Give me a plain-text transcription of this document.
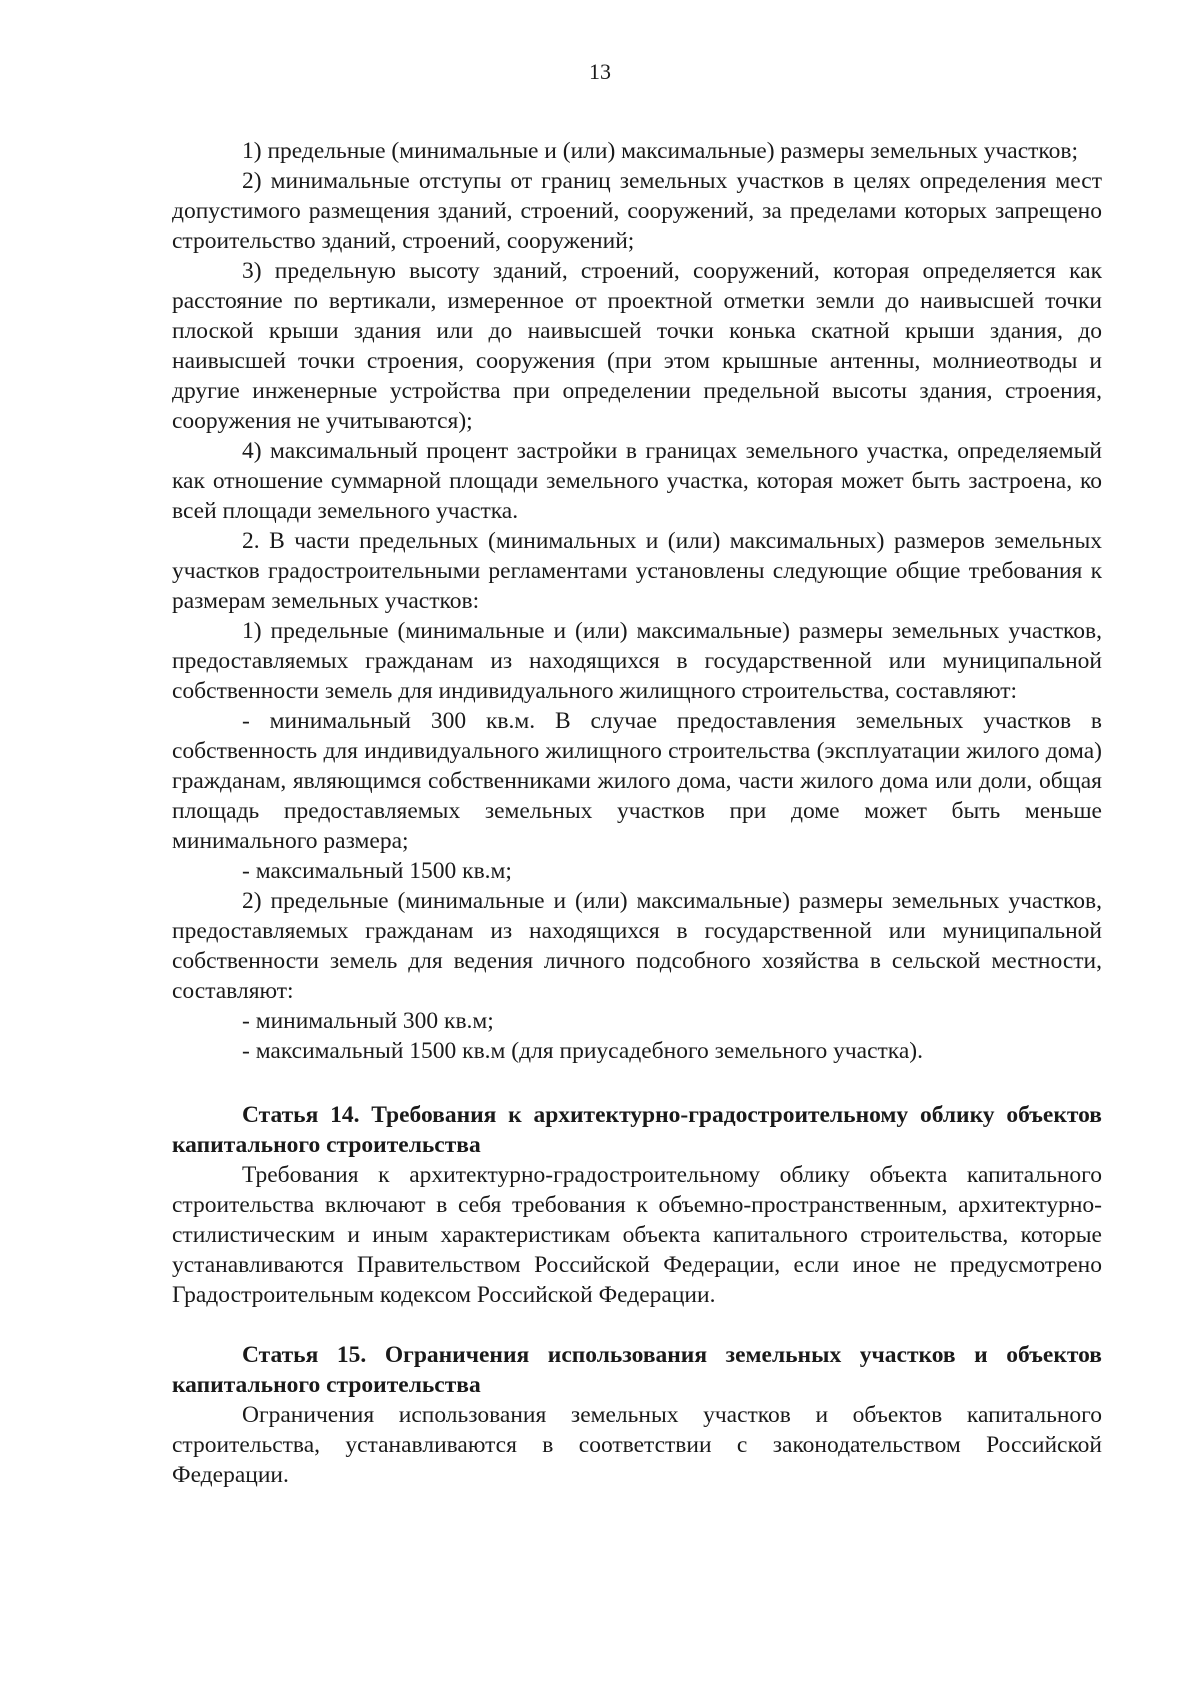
13

1) предельные (минимальные и (или) максимальные) размеры земельных участков;

2) минимальные отступы от границ земельных участков в целях определения мест допустимого размещения зданий, строений, сооружений, за пределами которых запрещено строительство зданий, строений, сооружений;

3) предельную высоту зданий, строений, сооружений, которая определяется как расстояние по вертикали, измеренное от проектной отметки земли до наивысшей точки плоской крыши здания или до наивысшей точки конька скатной крыши здания, до наивысшей точки строения, сооружения (при этом крышные антенны, молниеотводы и другие инженерные устройства при определении предельной высоты здания, строения, сооружения не учитываются);

4) максимальный процент застройки в границах земельного участка, определяемый как отношение суммарной площади земельного участка, которая может быть застроена, ко всей площади земельного участка.

2. В части предельных (минимальных и (или) максимальных) размеров земельных участков градостроительными регламентами установлены следующие общие требования к размерам земельных участков:

1) предельные (минимальные и (или) максимальные) размеры земельных участков, предоставляемых гражданам из находящихся в государственной или муниципальной собственности земель для индивидуального жилищного строительства, составляют:

- минимальный 300 кв.м. В случае предоставления земельных участков в собственность для индивидуального жилищного строительства (эксплуатации жилого дома) гражданам, являющимся собственниками жилого дома, части жилого дома или доли, общая площадь предоставляемых земельных участков при доме может быть меньше минимального размера;

- максимальный 1500 кв.м;

2) предельные (минимальные и (или) максимальные) размеры земельных участков, предоставляемых гражданам из находящихся в государственной или муниципальной собственности земель для ведения личного подсобного хозяйства в сельской местности, составляют:

- минимальный 300 кв.м;

- максимальный 1500 кв.м (для приусадебного земельного участка).

Статья 14. Требования к архитектурно-градостроительному облику объектов капитального строительства

Требования к архитектурно-градостроительному облику объекта капитального строительства включают в себя требования к объемно-пространственным, архитектурно-стилистическим и иным характеристикам объекта капитального строительства, которые устанавливаются Правительством Российской Федерации, если иное не предусмотрено Градостроительным кодексом Российской Федерации.

Статья 15. Ограничения использования земельных участков и объектов капитального строительства

Ограничения использования земельных участков и объектов капитального строительства, устанавливаются в соответствии с законодательством Российской Федерации.
